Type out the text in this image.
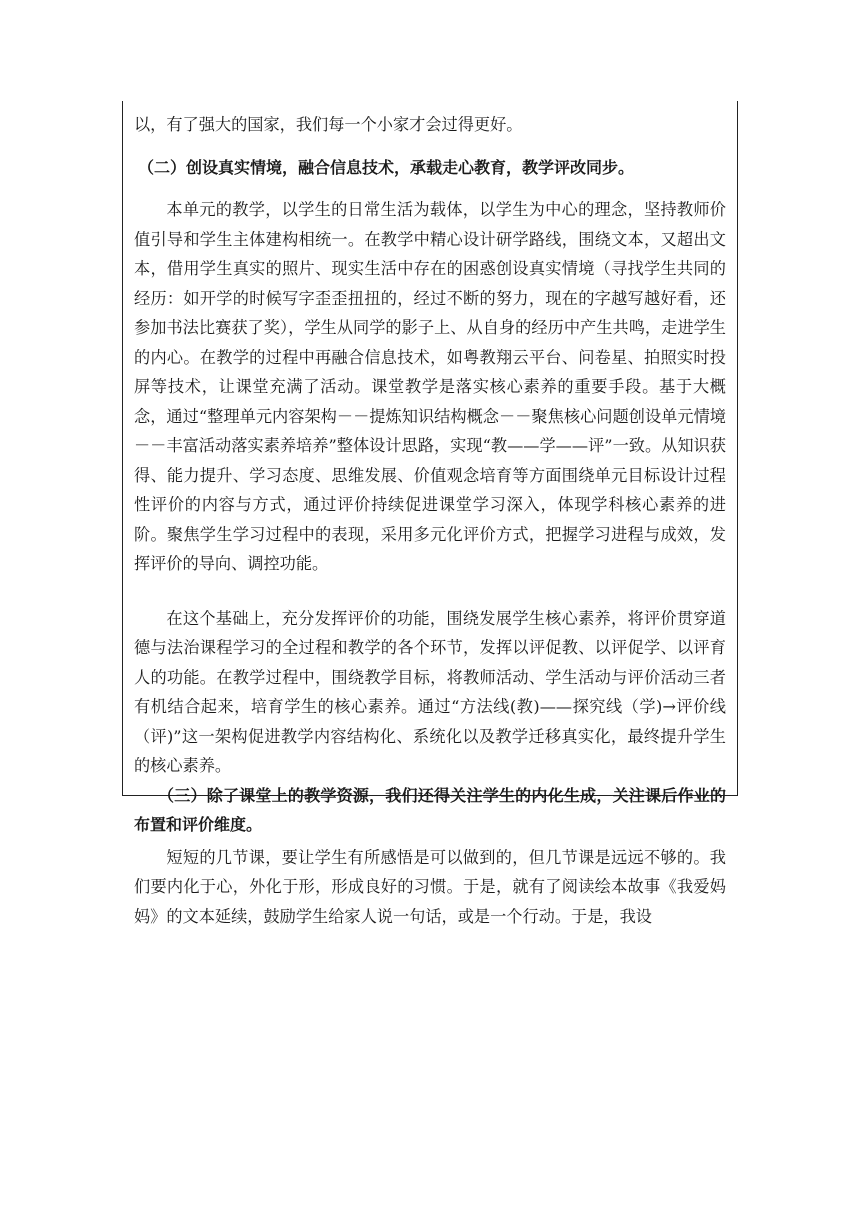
以，有了强大的国家，我们每一个小家才会过得更好。

（二）创设真实情境，融合信息技术，承载走心教育，教学评改同步。

本单元的教学，以学生的日常生活为载体，以学生为中心的理念，坚持教师价值引导和学生主体建构相统一。在教学中精心设计研学路线，围绕文本，又超出文本，借用学生真实的照片、现实生活中存在的困惑创设真实情境（寻找学生共同的经历：如开学的时候写字歪歪扭扭的，经过不断的努力，现在的字越写越好看，还参加书法比赛获了奖），学生从同学的影子上、从自身的经历中产生共鸣，走进学生的内心。在教学的过程中再融合信息技术，如粤教翔云平台、问卷星、拍照实时投屏等技术，让课堂充满了活动。课堂教学是落实核心素养的重要手段。基于大概念，通过“整理单元内容架构－－提炼知识结构概念－－聚焦核心问题创设单元情境－－丰富活动落实素养培养”整体设计思路，实现“教——学——评”一致。从知识获得、能力提升、学习态度、思维发展、价值观念培育等方面围绕单元目标设计过程性评价的内容与方式，通过评价持续促进课堂学习深入，体现学科核心素养的进阶。聚焦学生学习过程中的表现，采用多元化评价方式，把握学习进程与成效，发挥评价的导向、调控功能。

在这个基础上，充分发挥评价的功能，围绕发展学生核心素养，将评价贯穿道德与法治课程学习的全过程和教学的各个环节，发挥以评促教、以评促学、以评育人的功能。在教学过程中，围绕教学目标，将教师活动、学生活动与评价活动三者有机结合起来，培育学生的核心素养。通过“方法线(教)——探究线（学)→评价线（评)”这一架构促进教学内容结构化、系统化以及教学迁移真实化，最终提升学生的核心素养。

（三）除了课堂上的教学资源，我们还得关注学生的内化生成，关注课后作业的布置和评价维度。

短短的几节课，要让学生有所感悟是可以做到的，但几节课是远远不够的。我们要内化于心，外化于形，形成良好的习惯。于是，就有了阅读绘本故事《我爱妈妈》的文本延续，鼓励学生给家人说一句话，或是一个行动。于是，我设
